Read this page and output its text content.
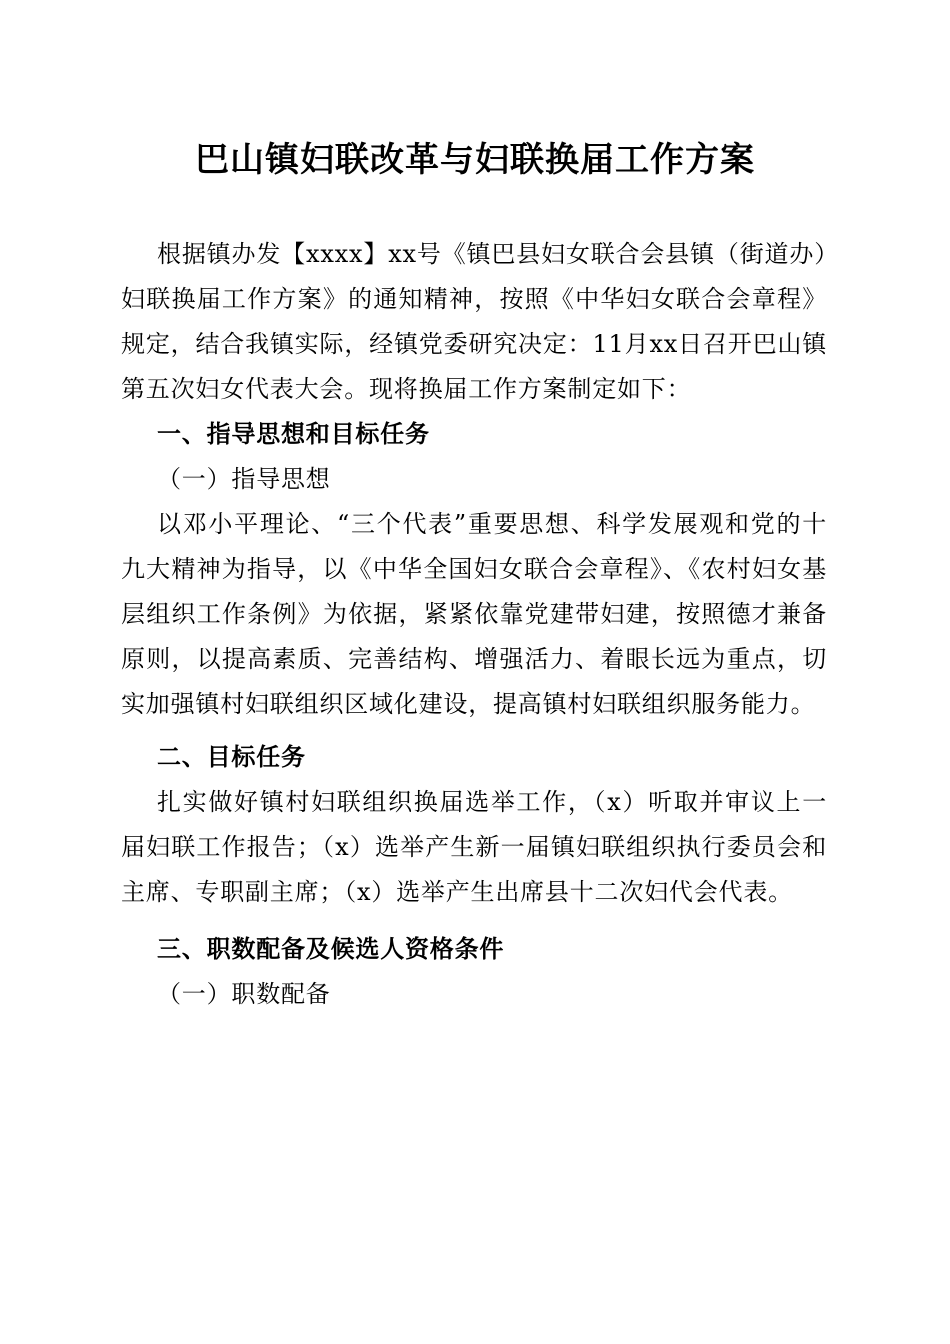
巴山镇妇联改革与妇联换届工作方案

根据镇办发【xxxx】xx号《镇巴县妇女联合会县镇（街道办）妇联换届工作方案》的通知精神，按照《中华妇女联合会章程》规定，结合我镇实际，经镇党委研究决定：11月xx日召开巴山镇第五次妇女代表大会。现将换届工作方案制定如下：

一、指导思想和目标任务

（一）指导思想

以邓小平理论、“三个代表”重要思想、科学发展观和党的十九大精神为指导，以《中华全国妇女联合会章程》、《农村妇女基层组织工作条例》为依据，紧紧依靠党建带妇建，按照德才兼备原则，以提高素质、完善结构、增强活力、着眼长远为重点，切实加强镇村妇联组织区域化建设，提高镇村妇联组织服务能力。

二、目标任务

扎实做好镇村妇联组织换届选举工作，（x）听取并审议上一届妇联工作报告；（x）选举产生新一届镇妇联组织执行委员会和主席、专职副主席；（x）选举产生出席县十二次妇代会代表。

三、职数配备及候选人资格条件

（一）职数配备
